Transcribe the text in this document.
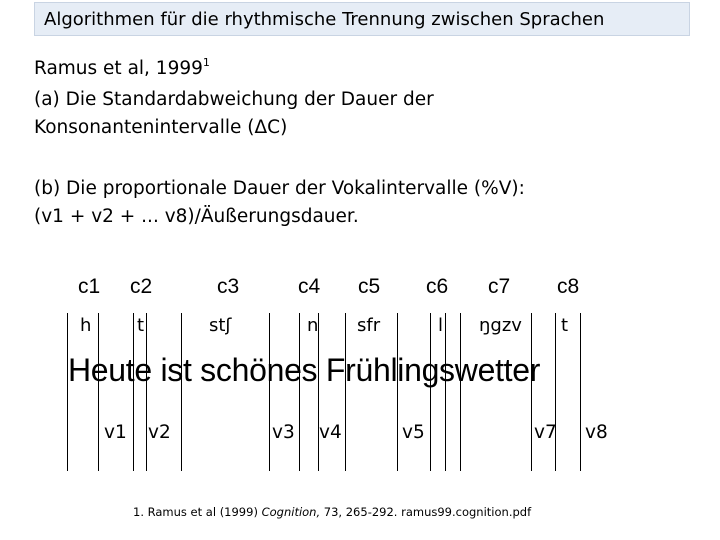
Algorithmen für die rhythmische Trennung zwischen Sprachen
Ramus et al, 1999$^1$
(a) Die Standardabweichung der Dauer der
Konsonantenintervalle (ΔC)
(b) Die proportionale Dauer der Vokalintervalle (%V):
(v1 + v2 + ... v8)/Äußerungsdauer.
c1 c2	c3	c4 c5 c6 c7 c8
h	t	stʃ	n sfr	l ŋgzv t
Heute ist schönes Frühlingswetter
v1 v2	v3 v4	v5	v7 v8
1. Ramus et al (1999) Cognition, 73, 265-292. ramus99.cognition.pdf
